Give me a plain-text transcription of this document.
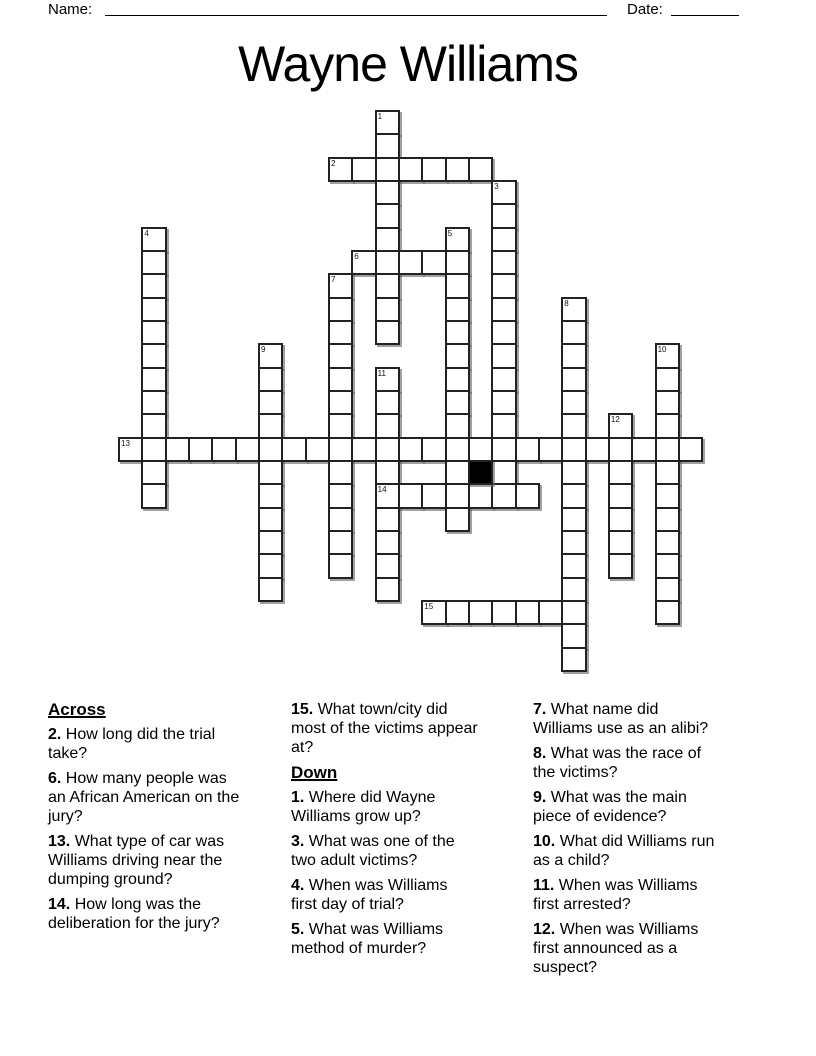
Name:	Date:
Wayne Williams
1
2
3
4	5
6
7
8
9	10
11
12
13
14
15
Across
2. How long did the trial
take?
6. How many people was
an African American on the
jury?
13. What type of car was
Williams driving near the
dumping ground?
14. How long was the
deliberation for the jury?
15. What town/city did
most of the victims appear
at?
Down
1. Where did Wayne
Williams grow up?
3. What was one of the
two adult victims?
4. When was Williams
first day of trial?
5. What was Williams
method of murder?
7. What name did
Williams use as an alibi?
8. What was the race of
the victims?
9. What was the main
piece of evidence?
10. What did Williams run
as a child?
11. When was Williams
first arrested?
12. When was Williams
first announced as a
suspect?
